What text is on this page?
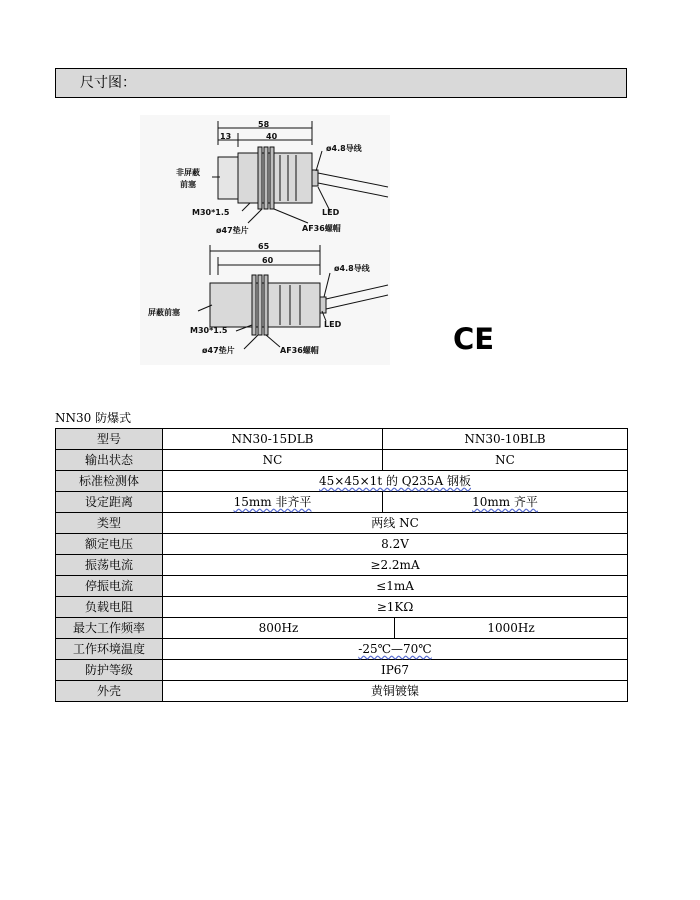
尺寸图：
58
13	40
非屏蔽
前塞
M30*1.5
ø47垫片	AF36螺帽
ø4.8导线
LED
65
60
屏蔽前塞
M30*1.5
ø47垫片	AF36螺帽
ø4.8导线
LED	CE
NN30 防爆式
型号	NN30-15DLB	NN30-10BLB	
输出状态	NC	NC	
标准检测体	45×45×1t 的 Q235A 钢板		
设定距离	15mm 非齐平	10mm 齐平	
类型	两线 NC		
额定电压	8.2V		
振荡电流	≥2.2mA		
停振电流	≤1mA		
负载电阻	≥1KΩ		
最大工作频率	800Hz		1000Hz
工作环境温度	-25℃—70℃		
防护等级	IP67		
外壳	黄铜镀镍		
